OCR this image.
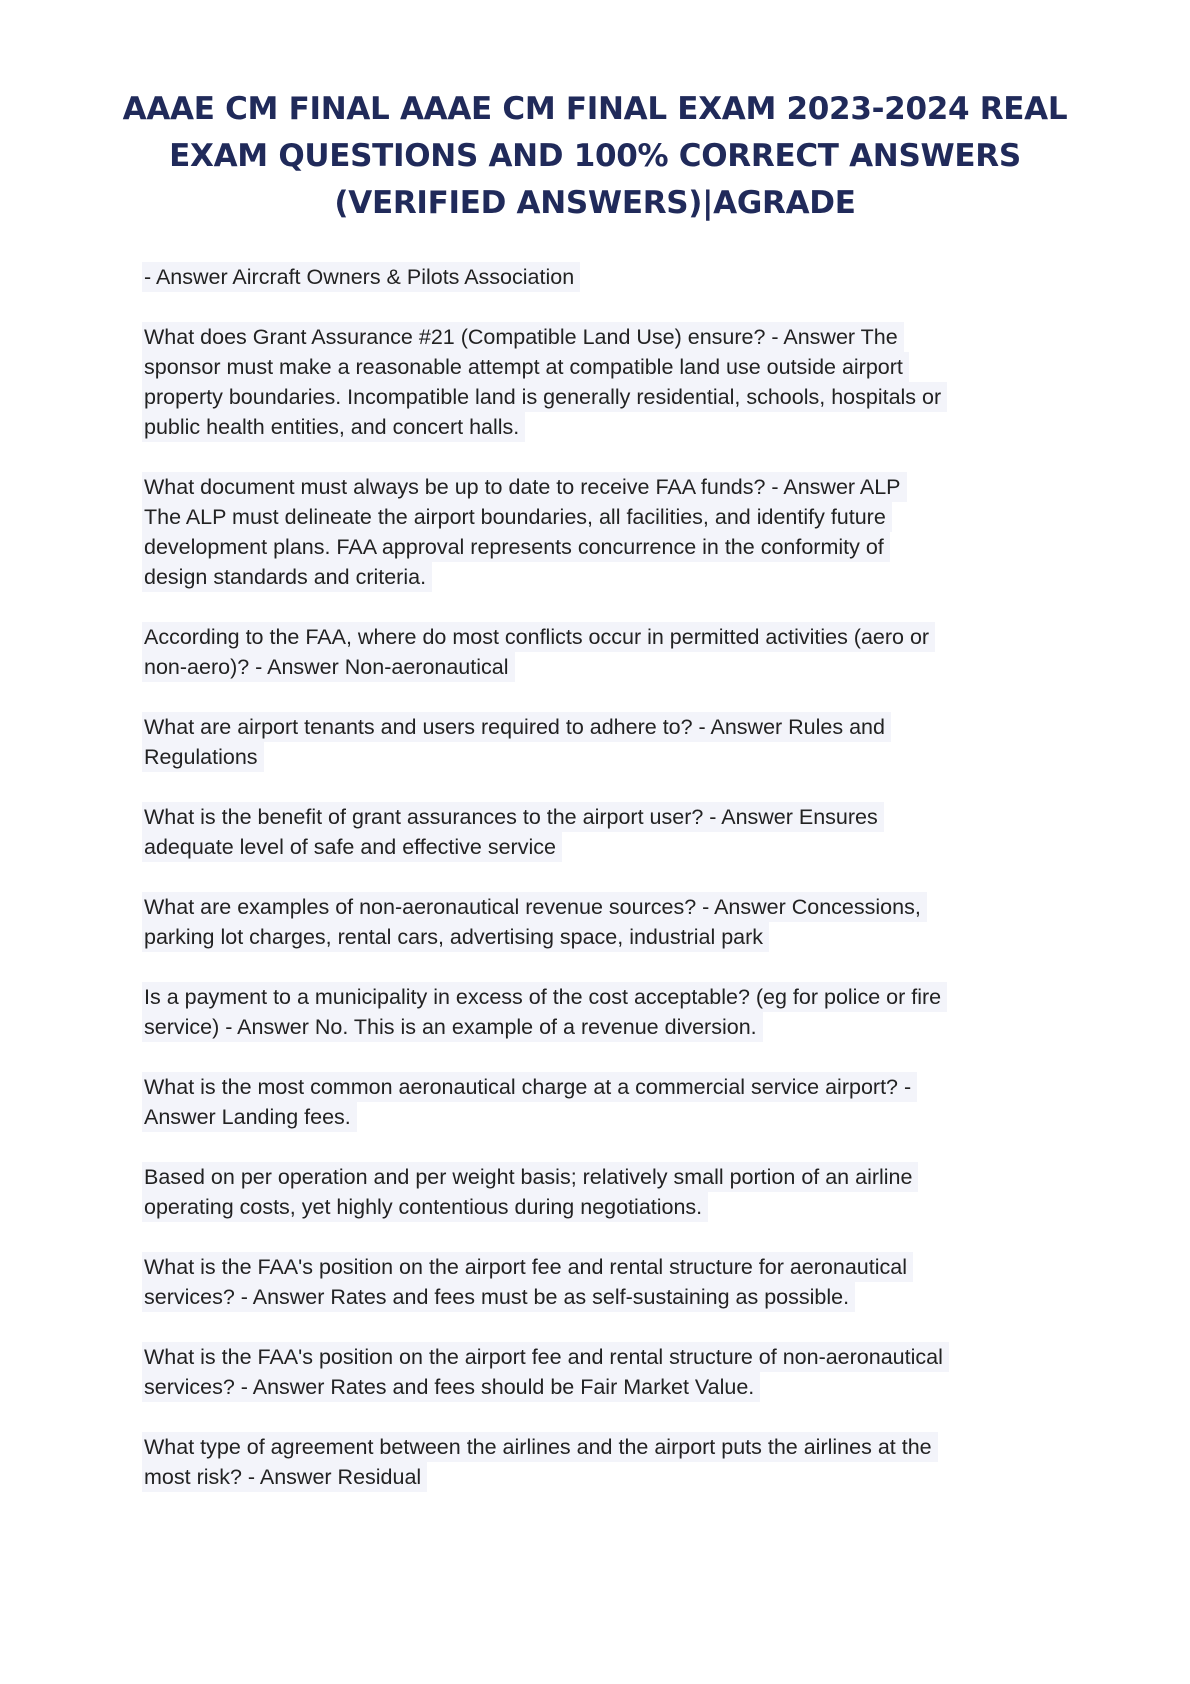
AAAE CM FINAL AAAE CM FINAL EXAM 2023-2024 REAL
EXAM QUESTIONS AND 100% CORRECT ANSWERS
(VERIFIED ANSWERS)|AGRADE

- Answer Aircraft Owners & Pilots Association

What does Grant Assurance #21 (Compatible Land Use) ensure? - Answer The
sponsor must make a reasonable attempt at compatible land use outside airport
property boundaries. Incompatible land is generally residential, schools, hospitals or
public health entities, and concert halls.

What document must always be up to date to receive FAA funds? - Answer ALP
The ALP must delineate the airport boundaries, all facilities, and identify future
development plans. FAA approval represents concurrence in the conformity of
design standards and criteria.

According to the FAA, where do most conflicts occur in permitted activities (aero or
non-aero)? - Answer Non-aeronautical

What are airport tenants and users required to adhere to? - Answer Rules and
Regulations

What is the benefit of grant assurances to the airport user? - Answer Ensures
adequate level of safe and effective service

What are examples of non-aeronautical revenue sources? - Answer Concessions,
parking lot charges, rental cars, advertising space, industrial park

Is a payment to a municipality in excess of the cost acceptable? (eg for police or fire
service) - Answer No. This is an example of a revenue diversion.

What is the most common aeronautical charge at a commercial service airport? -
Answer Landing fees.

Based on per operation and per weight basis; relatively small portion of an airline
operating costs, yet highly contentious during negotiations.

What is the FAA's position on the airport fee and rental structure for aeronautical
services? - Answer Rates and fees must be as self-sustaining as possible.

What is the FAA's position on the airport fee and rental structure of non-aeronautical
services? - Answer Rates and fees should be Fair Market Value.

What type of agreement between the airlines and the airport puts the airlines at the
most risk? - Answer Residual
